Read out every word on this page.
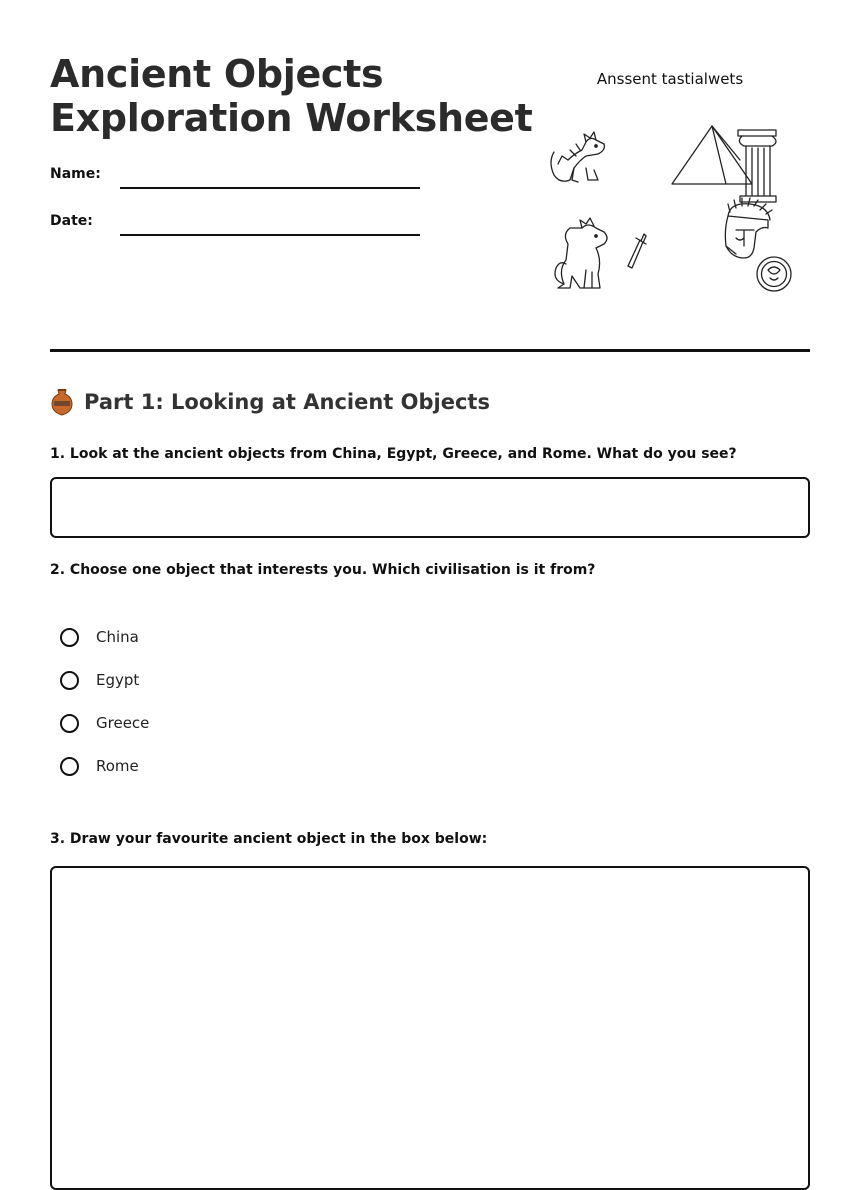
Ancient Objects
Exploration Worksheet
Name:
Date:
Anssent tastialwets
Part 1: Looking at Ancient Objects
1. Look at the ancient objects from China, Egypt, Greece, and Rome. What do you see?
2. Choose one object that interests you. Which civilisation is it from?
China
Egypt
Greece
Rome
3. Draw your favourite ancient object in the box below:
